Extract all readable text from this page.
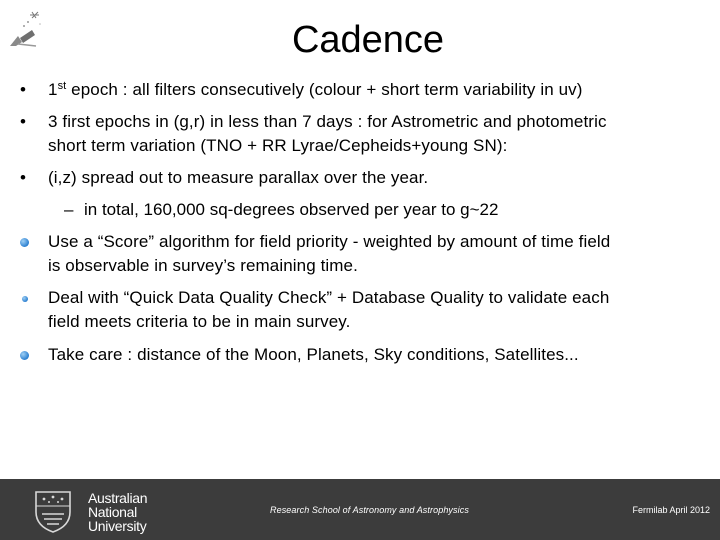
Cadence
• 1st epoch : all filters consecutively (colour + short term variability in uv)
• 3 first epochs in (g,r) in less than 7 days : for Astrometric and photometric
short term variation (TNO + RR Lyrae/Cepheids+young SN):
• (i,z) spread out to measure parallax over the year.
– in total, 160,000 sq-degrees observed per year to g~22
Use a “Score” algorithm for field priority - weighted by amount of time field
is observable in survey’s remaining time.
Deal with “Quick Data Quality Check” + Database Quality to validate each
field meets criteria to be in main survey.
Take care : distance of the Moon, Planets, Sky conditions, Satellites...
Australian
National
University
Research School of Astronomy and Astrophysics	Fermilab April 2012
